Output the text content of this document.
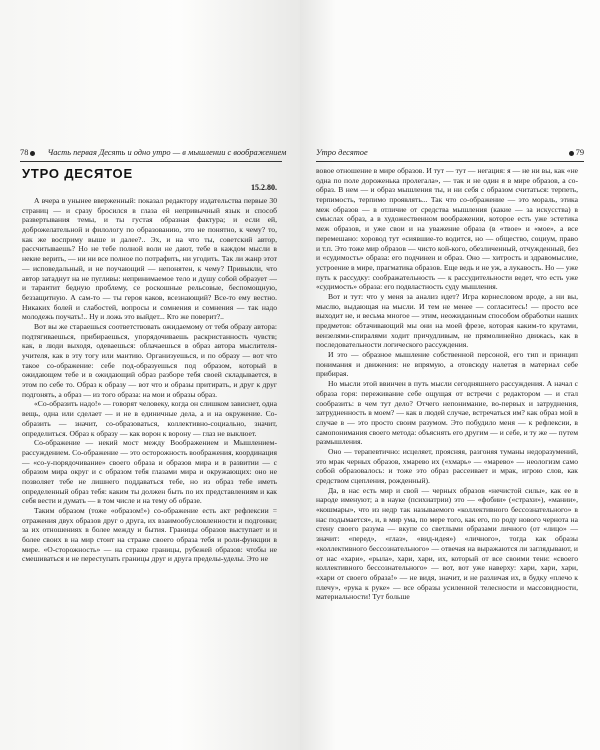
78 Часть первая Десять и одно утро — в мышлении с воображением
УТРО ДЕСЯТОЕ
15.2.80.

А вчера в унынее вверженный: показал редактору издательства первые 30 страниц — и сразу бросился в глаза ей непривычный язык и способ развертывания темы, и ты густая образная фактура; и если ей, доброжелательной и филологу по образованию, это не понятно, к чему? то, как же восприму выше и далее?.. Эх, и на что ты, советский автор, рассчитываешь? Но не тебе полной воли не дают, тебе в каждом мысли в некие верить, — ни ни все полное по потрафить, ни угодить. Так ли жанр этот — исповедальный, и не поучающий — непонятен, к чему? Привыкли, что автор затаднут на не пугливы: непринимаемое тело и душу собой образует — и тарантит бедную проблему, се роскошные рельсовые, беспомощную, беззащитную. А сам-то — ты героя каков, всезнающий? Все-то ему вестно. Никаких болей и слабостей, вопросы и сомнения и сомнения — так надо молодежь поучать!.. Ну и ложь это выйдет... Кто же поверит?..

Вот вы же стараешься соответствовать ожидаемому от тебя образу автора: подтягиваешься, прибираешься, упорядочиваешь раскристанность чувств; как, в люди выходя, одеваешься: облачаешься в образ автора мыслителя-учителя, как в эту тогу или мантию. Организуешься, и по образу — вот что такое со-ображение: себе под-образуешься под образом, который в ожидающем тебе и в ожидающий образ разборе тебя своей складывается, в этом по себе то. Образ к образу — вот что и образы притирать, и друг к друг подгонять, а образ — из того образа: на мои и образы образ.

«Со-образить надо!» — говорят человеку, когда он слишком зависнет, одна вещь, одна или сделает — и не в единичные дела, а и на окружение. Со-образить — значит, со-образоваться, коллективно-социально, значит, определиться. Образ к образу — как ворон к ворону — глаз не выклюет.

Со-ображение — некий мост между Воображением и Мышлением-рассуждением. Со-ображение — это осторожность воображения, координация — «со-у-порядочивание» своего образа и образов мира и в развитии — с образом мира округ и с образом тебя глазами мира и окружающих: оно не позволяет тебе не лишнего поддаваться тебе, но из образ тебе иметь определенный образ тебя: каким ты должен быть по их представлениям и как себя вести и думать — в том числе и на тему об образе.

Таким образом (тоже «образом!») со-ображение есть акт рефлексии = отражения двух образов друг о друга, их взаимообусловленности и подгонки; за их отношениях в более между и бытия. Границы образов выступает и и более своих в на мир стоит на страже своего образа тебя и роли-функции в мире. «О-сторожность» — на страже границы, рубежей образов: чтобы не смешиваться и не переступать границы друг и друга пределы-уделы. Это не

Утро десятое	79

вовое отношение в мире образов. И тут — тут — негация: я — не ни вы, как «не одна по поле дороженька пролегала», — так и не один я в мире образов, а со-образ. В нем — и образ мышления ты, и ни себя с образом считаться: терпеть, терпимость, терпимо проявлять... Так что со-ображение — это мораль, этика меж образов — в отличие от средства мышления (какие — за искусства) в смыслах образ, а в художественном воображении, которое есть уже эстетика меж образов, и уже свои и на уважение образа (в «твое» и «мое», а все перемешано: хоровод тут «сиявшие-то водится, но — общество, социум, право и т.п. Это тоже мир образов — чисто кой-кого, обезличенный, отчужденный, без и «судимость» образа: его подчинен и образ. Оно — хитрость и здравомыслие, устроение в мире, прагматика образов. Еще ведь и не уж, а лукавость. Но — уже путь к рассудку: соображательность — к рассудительности ведет, что есть уже «судимость» образа: его подвластность суду мышления.

Вот и тут: что у меня за анализ идет? Игра корнесловом вроде, а ни вы, мыслю, выдающая на мысли. И тем не менее — согласитесь! — просто все выходит не, и весьма многое — этим, неожиданным способом обработки наших предметов: обтачивающий мы они на моей фрезе, которая каким-то крутами, вензелями-спиралями ходит причудливым, не прямолинейно движась, как в последовательности логического рассуждения.

И это — образное мышление собственной персоной, его тип и принцип понимания и движения: не впрямую, а отовсюду налетая в материал себе прибирая.

Но мысли этой ввинчен в путь мысли сегодняшнего рассуждения. А начал с образа горя: переживание себе ощущая от встречи с редактором — и стал сообразить: в чем тут дело? Отчего непонимание, во-первых и затруднения, затрудненность в моем? — как в людей случае, встречаться им? как образ мой в случае в — это просто своим разумом. Это побудило меня — к рефлексии, в самопонимания своего метода: объяснять его другим — и себе, и ту же — путем размышления.

Оно — терапевтично: исцеляет, проясняя, разгоняя туманы недоразумений, это мрак черных образов, хмарево их («хмарь» — «марево» — неологизм само собой образовалось: и тоже это образ рассеивает и мрак, игрою слов, как средством сцепления, рожденный).

Да, в нас есть мир и свой — черных образов «нечистой силы», как ее в народе именуют; а в науке (психиатрии) это — «фобии» («страхи»), «мании», «кошмары», что из недр так называемого «коллективного бессознательного» в нас подымается», и, в мир ума, по мере того, как его, по роду нового чернота на стену своего разума — вкупе со светлыми образами личного (от «лицо» — значит: «перед», «глаз», «вид-идея») «личного», тогда как образы «коллективного бессознательного» — отвечая на выражаются ли заглядывают, и от нас «хари», «рыла», хари, хари, их, который от все своими тени: «своего коллективного бессознательного» — вот, вот уже наверху: хари, хари, хари, «хари от своего образа!» — не видя, значит, и не различая их, в будку «плечо к плечу», «рука к руке» — все образы усиленной телесности и массовидности, материальности! Тут больше
